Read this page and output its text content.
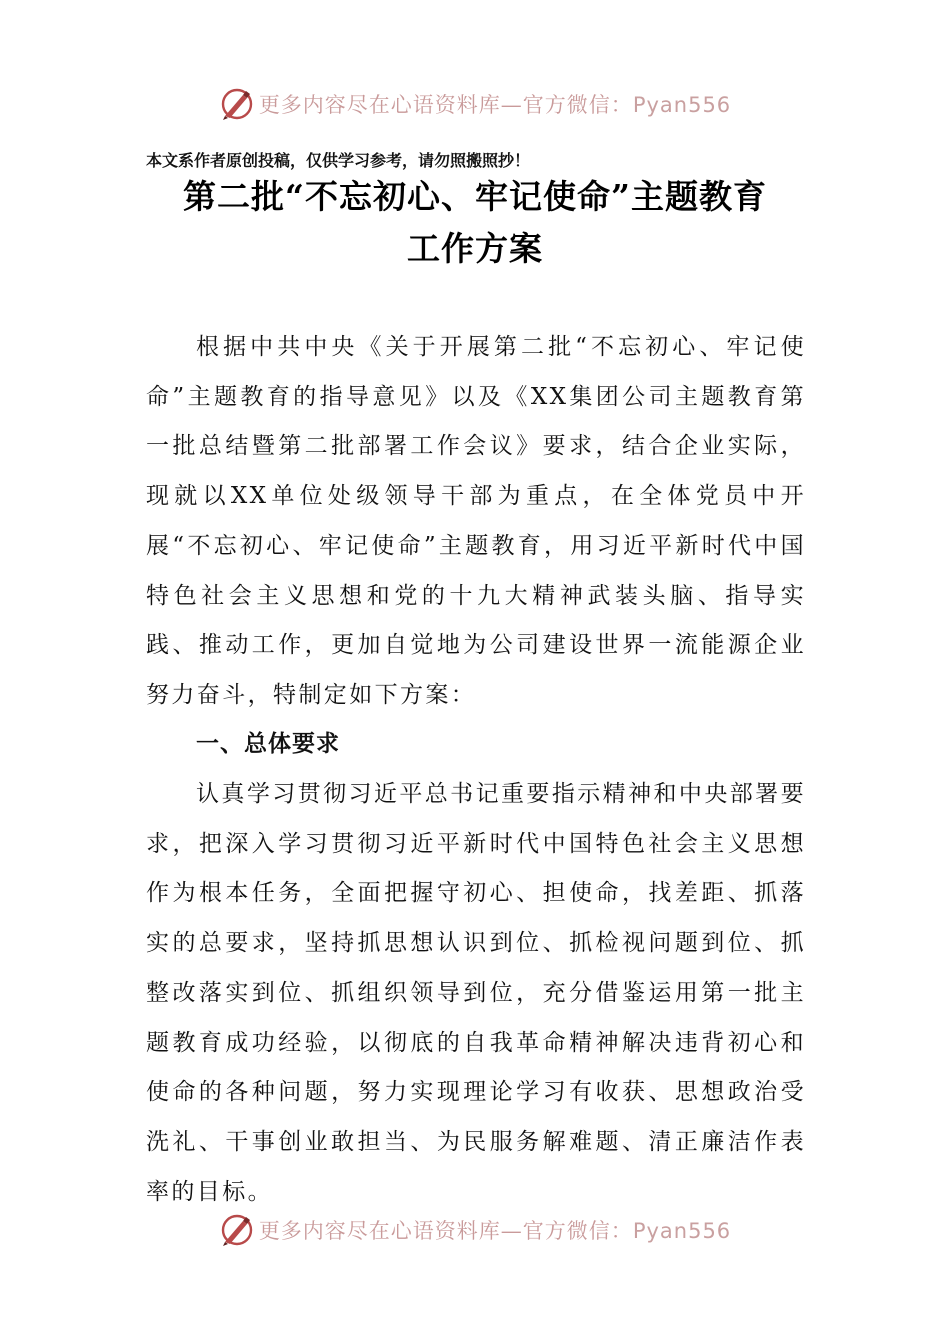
更多内容尽在心语资料库—官方微信：Pyan556
本文系作者原创投稿，仅供学习参考，请勿照搬照抄！
第二批“不忘初心、牢记使命”主题教育
工作方案

根据中共中央《关于开展第二批“不忘初心、牢记使命”主题教育的指导意见》以及《XX集团公司主题教育第一批总结暨第二批部署工作会议》要求，结合企业实际，现就以XX单位处级领导干部为重点，在全体党员中开展“不忘初心、牢记使命”主题教育，用习近平新时代中国特色社会主义思想和党的十九大精神武装头脑、指导实践、推动工作，更加自觉地为公司建设世界一流能源企业努力奋斗，特制定如下方案：

一、总体要求

认真学习贯彻习近平总书记重要指示精神和中央部署要求，把深入学习贯彻习近平新时代中国特色社会主义思想作为根本任务，全面把握守初心、担使命，找差距、抓落实的总要求，坚持抓思想认识到位、抓检视问题到位、抓整改落实到位、抓组织领导到位，充分借鉴运用第一批主题教育成功经验，以彻底的自我革命精神解决违背初心和使命的各种问题，努力实现理论学习有收获、思想政治受洗礼、干事创业敢担当、为民服务解难题、清正廉洁作表率的目标。

更多内容尽在心语资料库—官方微信：Pyan556
